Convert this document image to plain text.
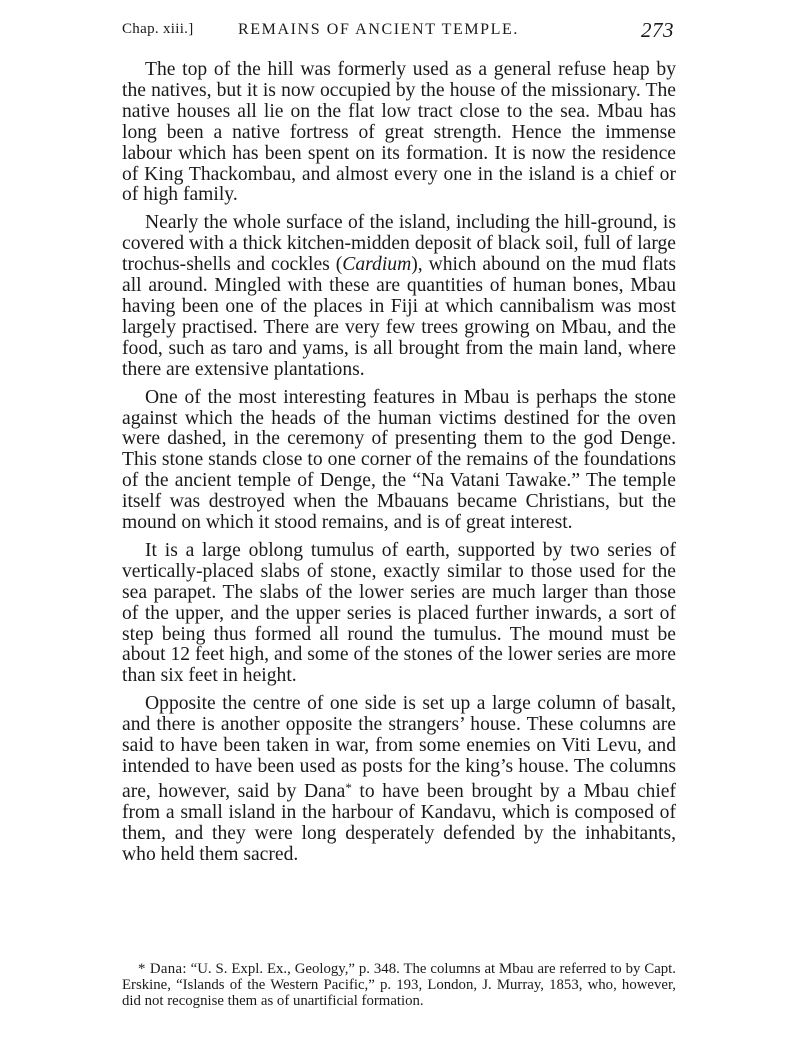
Chap. xiii.]	REMAINS OF ANCIENT TEMPLE.	273

The top of the hill was formerly used as a general refuse heap by the natives, but it is now occupied by the house of the missionary. The native houses all lie on the flat low tract close to the sea. Mbau has long been a native fortress of great strength. Hence the immense labour which has been spent on its formation. It is now the residence of King Thackombau, and almost every one in the island is a chief or of high family.

Nearly the whole surface of the island, including the hill-ground, is covered with a thick kitchen-midden deposit of black soil, full of large trochus-shells and cockles (Cardium), which abound on the mud flats all around. Mingled with these are quantities of human bones, Mbau having been one of the places in Fiji at which cannibalism was most largely practised. There are very few trees growing on Mbau, and the food, such as taro and yams, is all brought from the main land, where there are extensive plantations.

One of the most interesting features in Mbau is perhaps the stone against which the heads of the human victims destined for the oven were dashed, in the ceremony of presenting them to the god Denge. This stone stands close to one corner of the remains of the foundations of the ancient temple of Denge, the “Na Vatani Tawake.” The temple itself was destroyed when the Mbauans became Christians, but the mound on which it stood remains, and is of great interest.

It is a large oblong tumulus of earth, supported by two series of vertically-placed slabs of stone, exactly similar to those used for the sea parapet. The slabs of the lower series are much larger than those of the upper, and the upper series is placed further inwards, a sort of step being thus formed all round the tumulus. The mound must be about 12 feet high, and some of the stones of the lower series are more than six feet in height.

Opposite the centre of one side is set up a large column of basalt, and there is another opposite the strangers’ house. These columns are said to have been taken in war, from some enemies on Viti Levu, and intended to have been used as posts for the king’s house. The columns are, however, said by Dana* to have been brought by a Mbau chief from a small island in the harbour of Kandavu, which is composed of them, and they were long desperately defended by the inhabitants, who held them sacred.

* Dana: “U. S. Expl. Ex., Geology,” p. 348. The columns at Mbau are referred to by Capt. Erskine, “Islands of the Western Pacific,” p. 193, London, J. Murray, 1853, who, however, did not recognise them as of unartificial formation.
